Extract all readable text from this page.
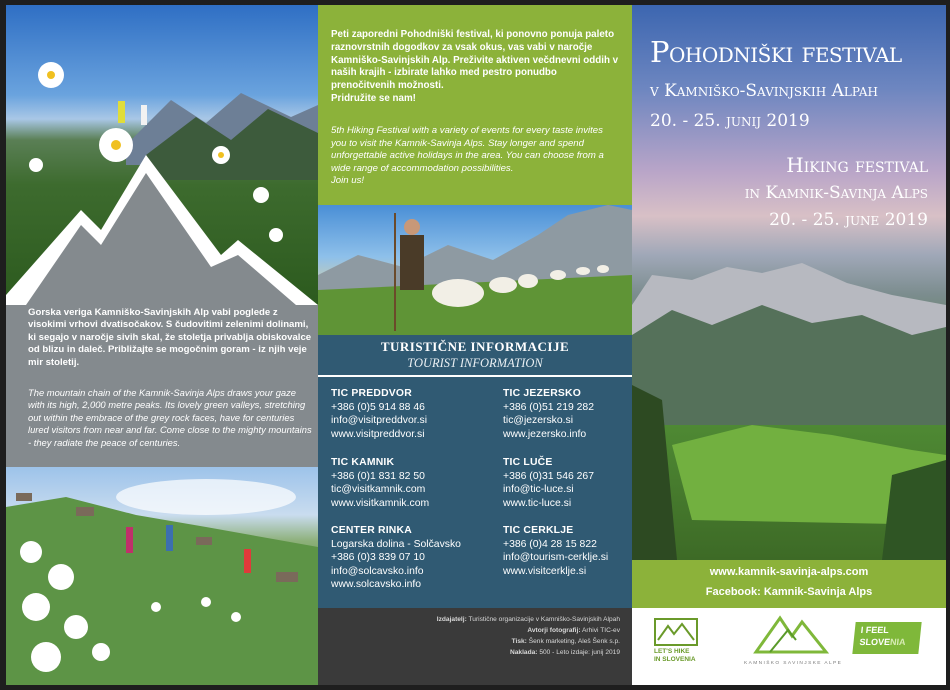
Gorska veriga Kamniško-Savinjskih Alp vabi poglede z visokimi vrhovi dvatisočakov. S čudovitimi zelenimi dolinami, ki segajo v naročje sivih skal, že stoletja privablja obiskovalce od blizu in daleč. Približajte se mogočnim goram - iz njih veje mir stoletij.
The mountain chain of the Kamnik-Savinja Alps draws your gaze with its high, 2,000 metre peaks. Its lovely green valleys, stretching out within the embrace of the grey rock faces, have for centuries lured visitors from near and far. Come close to the mighty mountains - they radiate the peace of centuries.
Peti zaporedni Pohodniški festival, ki ponovno ponuja paleto raznovrstnih dogodkov za vsak okus, vas vabi v naročje Kamniško-Savinjskih Alp. Preživite aktiven večdnevni oddih v naših krajih - izbirate lahko med pestro ponudbo prenočitvenih možnosti.
Pridružite se nam!
5th Hiking Festival with a variety of events for every taste invites you to visit the Kamnik-Savinja Alps. Stay longer and spend unforgettable active holidays in the area. You can choose from a wide range of accommodation possibilities.
Join us!
TURISTIČNE INFORMACIJE
TOURIST INFORMATION
TIC PREDDVOR
+386 (0)5 914 88 46
info@visitpreddvor.si
www.visitpreddvor.si
TIC JEZERSKO
+386 (0)51 219 282
tic@jezersko.si
www.jezersko.info
TIC KAMNIK
+386 (0)1 831 82 50
tic@visitkamnik.com
www.visitkamnik.com
TIC LUČE
+386 (0)31 546 267
info@tic-luce.si
www.tic-luce.si
CENTER RINKA
Logarska dolina - Solčavsko
+386 (0)3 839 07 10
info@solcavsko.info
www.solcavsko.info
TIC CERKLJE
+386 (0)4 28 15 822
info@tourism-cerklje.si
www.visitcerklje.si
Izdajatelj: Turistične organizacije v Kamniško-Savinjskih Alpah
Avtorji fotografij: Arhivi TIC-ev
Tisk: Šenk marketing, Aleš Šenk s.p.
Naklada: 500 - Leto izdaje: junij 2019
Pohodniški festival
v Kamniško-Savinjskih Alpah
20. - 25. junij 2019
Hiking festival
in Kamnik-Savinja Alps
20. - 25. june 2019
www.kamnik-savinja-alps.com
Facebook: Kamnik-Savinja Alps
LET'S HIKE
IN SLOVENIA
KAMNIŠKO SAVINJSKE ALPE
I FEEL
SLOVENIA
